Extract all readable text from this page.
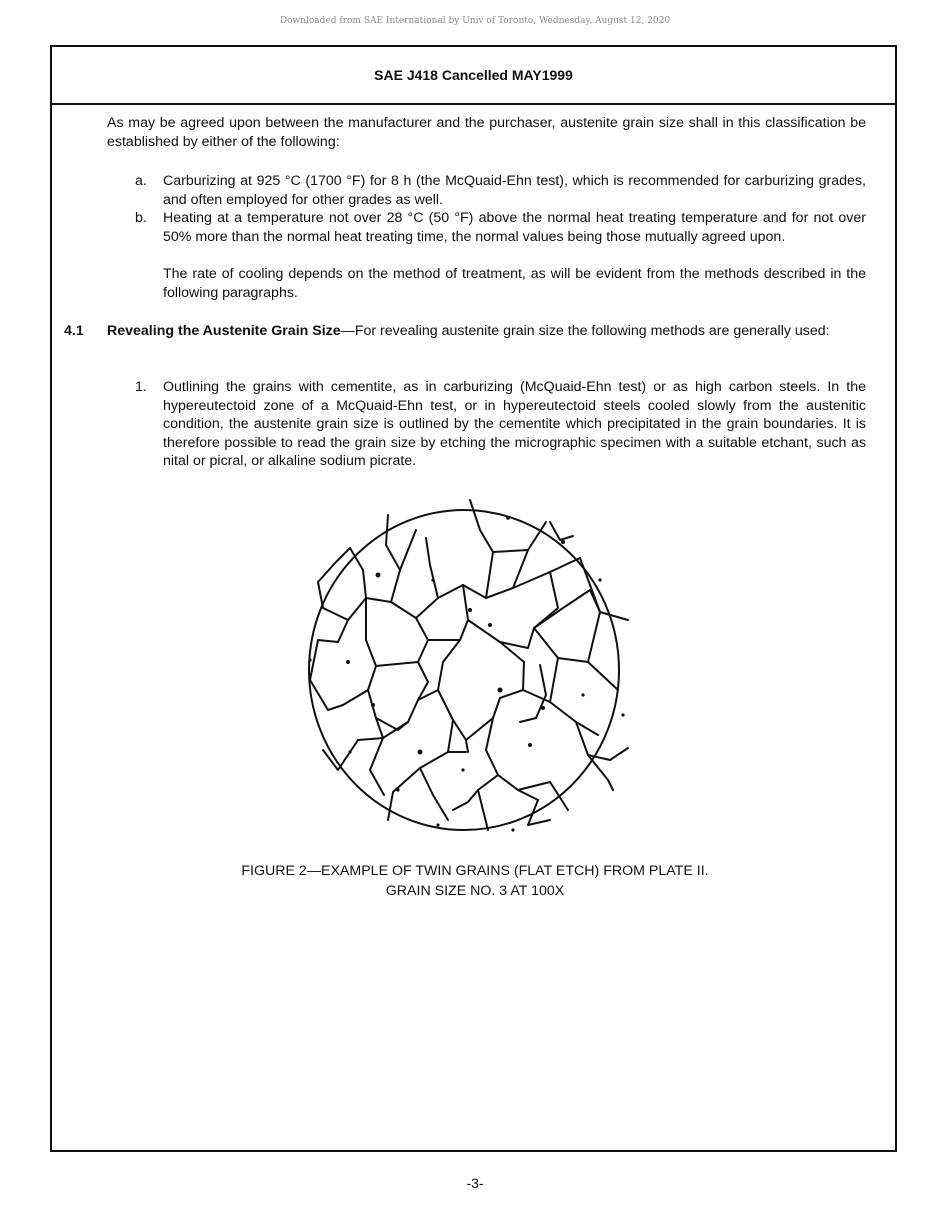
Downloaded from SAE International by Univ of Toronto, Wednesday, August 12, 2020
SAE J418 Cancelled MAY1999
As may be agreed upon between the manufacturer and the purchaser, austenite grain size shall in this classification be established by either of the following:
a. Carburizing at 925 °C (1700 °F) for 8 h (the McQuaid-Ehn test), which is recommended for carburizing grades, and often employed for other grades as well.
b. Heating at a temperature not over 28 °C (50 °F) above the normal heat treating temperature and for not over 50% more than the normal heat treating time, the normal values being those mutually agreed upon.
The rate of cooling depends on the method of treatment, as will be evident from the methods described in the following paragraphs.
4.1 Revealing the Austenite Grain Size—For revealing austenite grain size the following methods are generally used:
1. Outlining the grains with cementite, as in carburizing (McQuaid-Ehn test) or as high carbon steels. In the hypereutectoid zone of a McQuaid-Ehn test, or in hypereutectoid steels cooled slowly from the austenitic condition, the austenite grain size is outlined by the cementite which precipitated in the grain boundaries. It is therefore possible to read the grain size by etching the micrographic specimen with a suitable etchant, such as nital or picral, or alkaline sodium picrate.
FIGURE 2—EXAMPLE OF TWIN GRAINS (FLAT ETCH) FROM PLATE II.
GRAIN SIZE NO. 3 AT 100X
-3-
